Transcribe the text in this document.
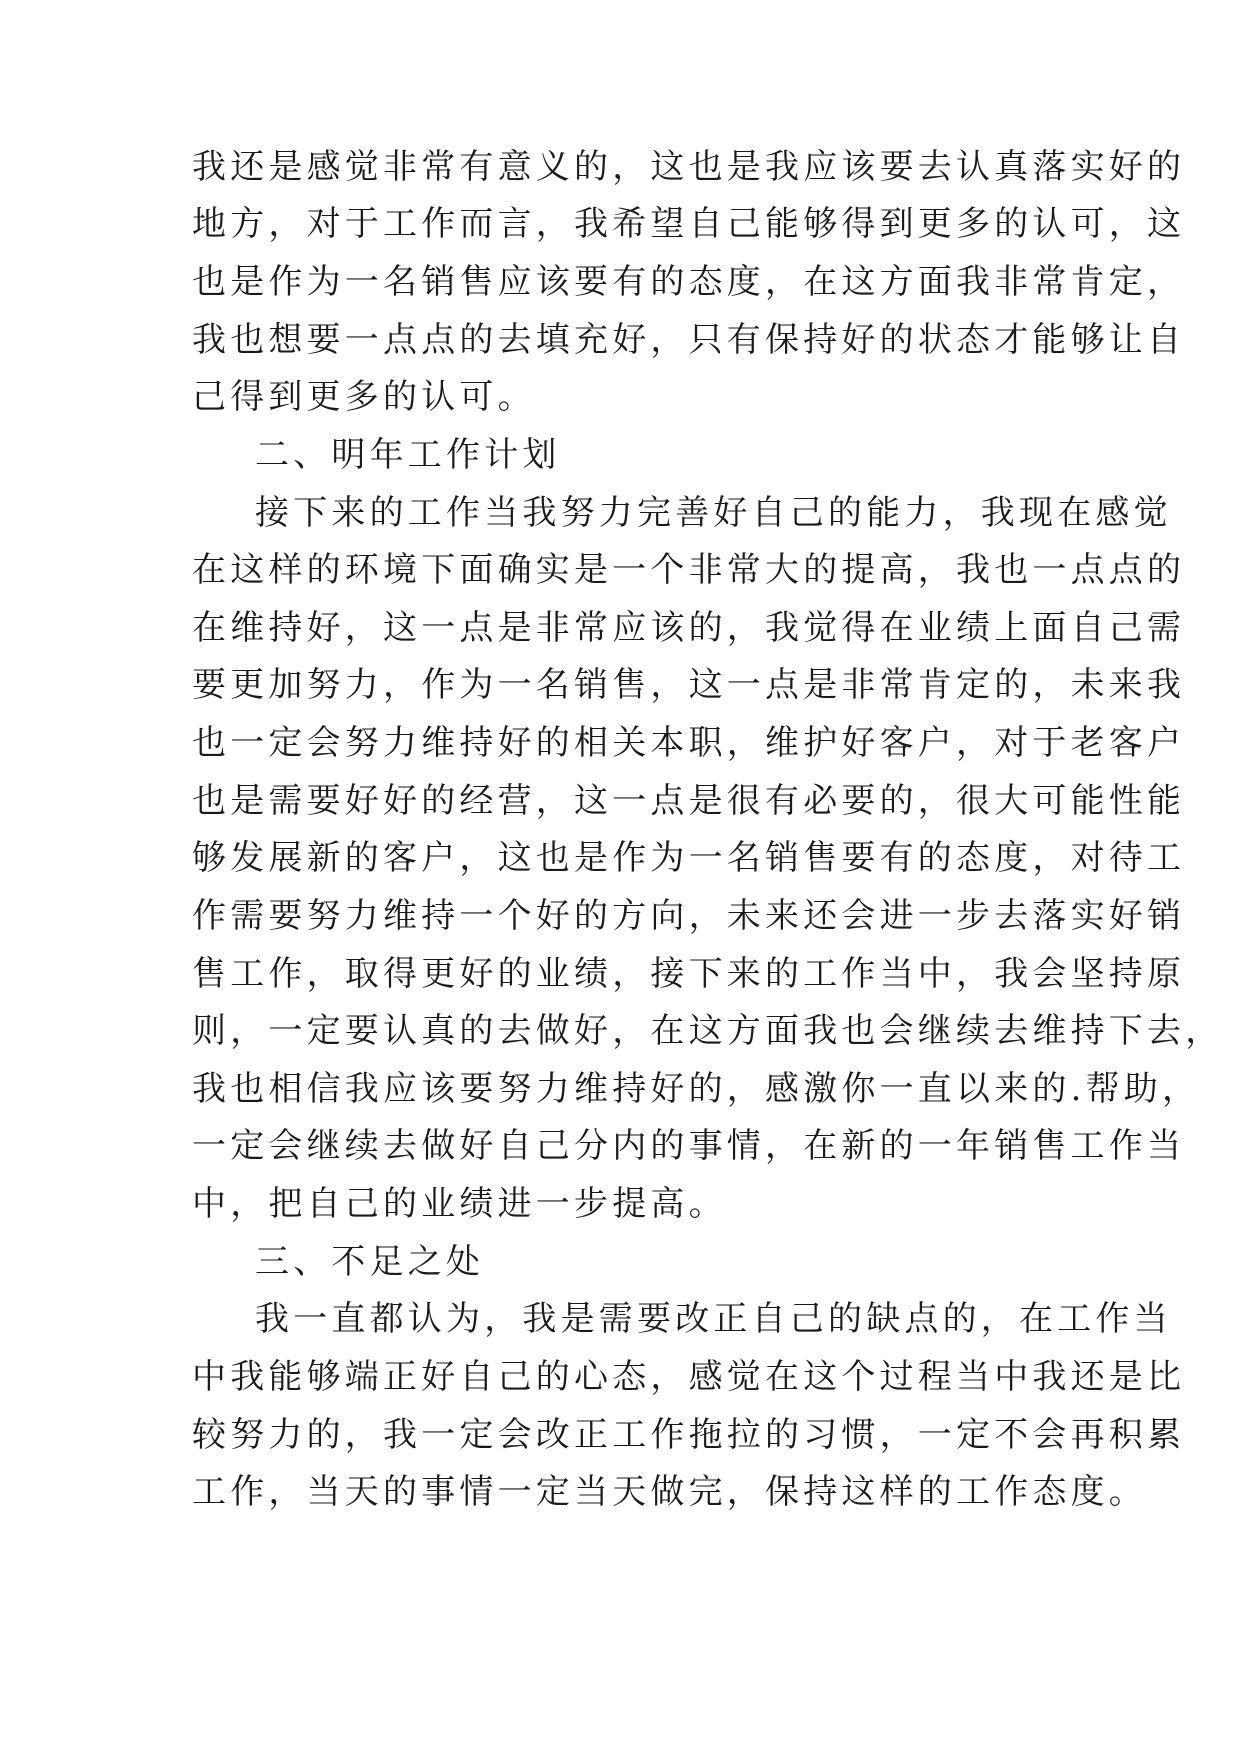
我还是感觉非常有意义的，这也是我应该要去认真落实好的
地方，对于工作而言，我希望自己能够得到更多的认可，这
也是作为一名销售应该要有的态度，在这方面我非常肯定，
我也想要一点点的去填充好，只有保持好的状态才能够让自
己得到更多的认可。
二、明年工作计划
接下来的工作当我努力完善好自己的能力，我现在感觉
在这样的环境下面确实是一个非常大的提高，我也一点点的
在维持好，这一点是非常应该的，我觉得在业绩上面自己需
要更加努力，作为一名销售，这一点是非常肯定的，未来我
也一定会努力维持好的相关本职，维护好客户，对于老客户
也是需要好好的经营，这一点是很有必要的，很大可能性能
够发展新的客户，这也是作为一名销售要有的态度，对待工
作需要努力维持一个好的方向，未来还会进一步去落实好销
售工作，取得更好的业绩，接下来的工作当中，我会坚持原
则，一定要认真的去做好，在这方面我也会继续去维持下去，
我也相信我应该要努力维持好的，感激你一直以来的.帮助，
一定会继续去做好自己分内的事情，在新的一年销售工作当
中，把自己的业绩进一步提高。
三、不足之处
我一直都认为，我是需要改正自己的缺点的，在工作当
中我能够端正好自己的心态，感觉在这个过程当中我还是比
较努力的，我一定会改正工作拖拉的习惯，一定不会再积累
工作，当天的事情一定当天做完，保持这样的工作态度。
